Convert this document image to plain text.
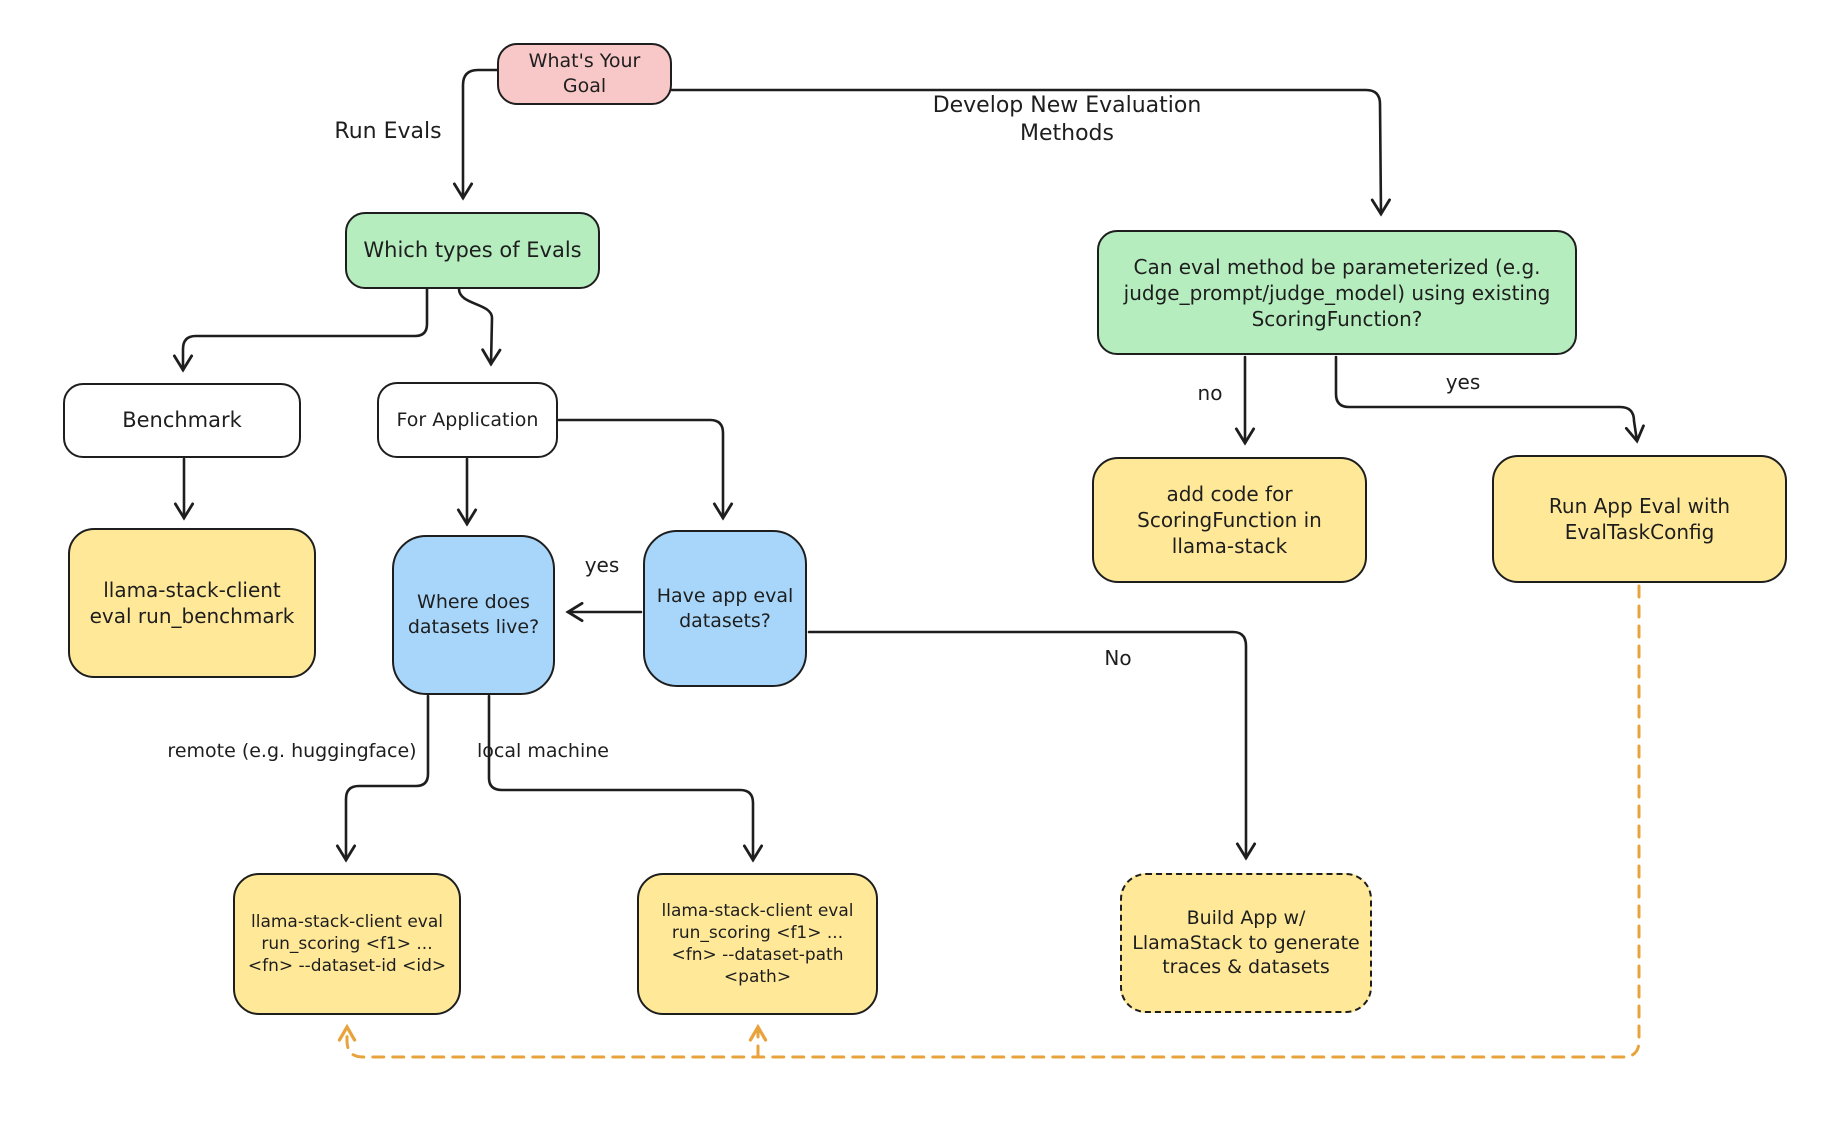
What's Your Goal
Which types of Evals
Benchmark	For Application
llama-stack-client eval run_benchmark
Where does datasets live?
Have app eval datasets?
Can eval method be parameterized (e.g. judge_prompt/judge_model) using existing ScoringFunction?
add code for ScoringFunction in llama-stack
Run App Eval with EvalTaskConfig
llama-stack-client eval run_scoring <f1> ... <fn> --dataset-id <id>
llama-stack-client eval run_scoring <f1> ... <fn> --dataset-path <path>
Build App w/ LlamaStack to generate traces & datasets
Run Evals
Develop New Evaluation Methods
no	yes
yes
No
remote (e.g. huggingface)	local machine
